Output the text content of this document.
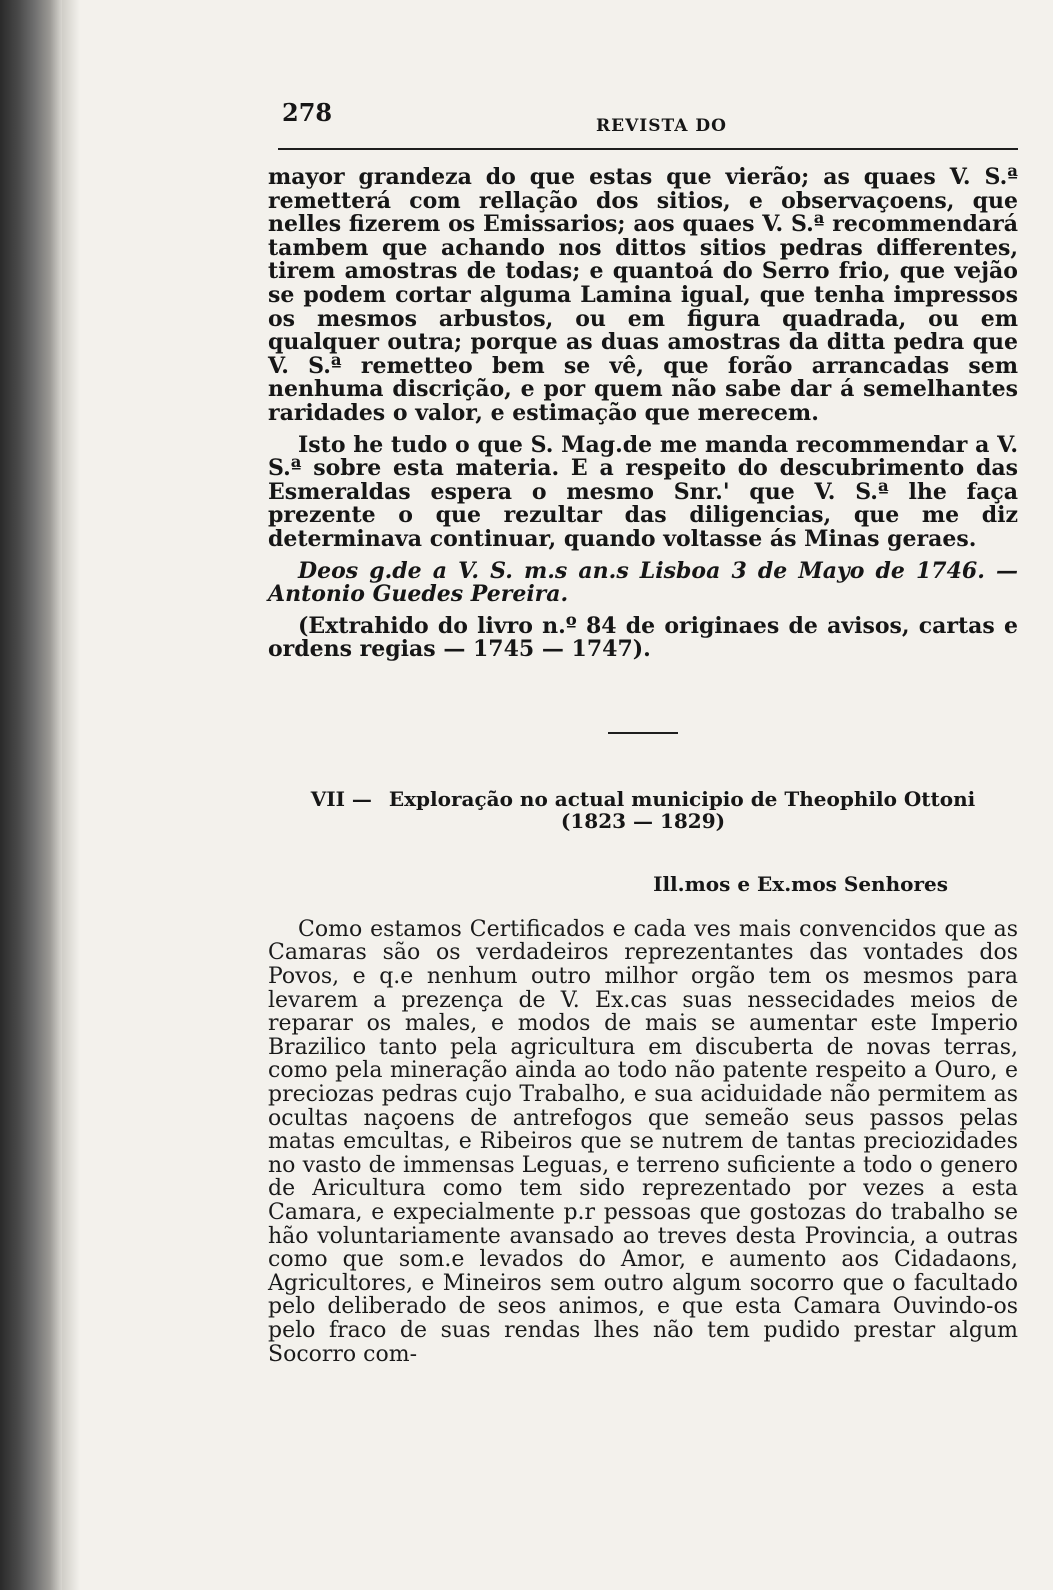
278	REVISTA DO

mayor grandeza do que estas que vierão; as quaes V. S.ª remetterá com rellação dos sitios, e observaçoens, que nelles fizerem os Emissarios; aos quaes V. S.ª recommendará tambem que achando nos dittos sitios pedras differentes, tirem amostras de todas; e quantoá do Serro frio, que vejão se podem cortar alguma Lamina igual, que tenha impressos os mesmos arbustos, ou em figura quadrada, ou em qualquer outra; porque as duas amostras da ditta pedra que V. S.ª remetteo bem se vê, que forão arrancadas sem nenhuma discrição, e por quem não sabe dar á semelhantes raridades o valor, e estimação que merecem.

Isto he tudo o que S. Mag.de me manda recommendar a V. S.ª sobre esta materia. E a respeito do descubrimento das Esmeraldas espera o mesmo Snr.' que V. S.ª lhe faça prezente o que rezultar das diligencias, que me diz determinava continuar, quando voltasse ás Minas geraes.

Deos g.de a V. S. m.s an.s Lisboa 3 de Mayo de 1746. — Antonio Guedes Pereira.

(Extrahido do livro n.º 84 de originaes de avisos, cartas e ordens regias — 1745 — 1747).

VII — Exploração no actual municipio de Theophilo Ottoni
(1823 — 1829)
Ill.mos e Ex.mos Senhores

Como estamos Certificados e cada ves mais convencidos que as Camaras são os verdadeiros reprezentantes das vontades dos Povos, e q.e nenhum outro milhor orgão tem os mesmos para levarem a prezença de V. Ex.cas suas nessecidades meios de reparar os males, e modos de mais se aumentar este Imperio Brazilico tanto pela agricultura em discuberta de novas terras, como pela mineração ainda ao todo não patente respeito a Ouro, e preciozas pedras cujo Trabalho, e sua aciduidade não permitem as ocultas naçoens de antrefogos que semeão seus passos pelas matas emcultas, e Ribeiros que se nutrem de tantas preciozidades no vasto de immensas Leguas, e terreno suficiente a todo o genero de Aricultura como tem sido reprezentado por vezes a esta Camara, e expecialmente p.r pessoas que gostozas do trabalho se hão voluntariamente avansado ao treves desta Provincia, a outras como que som.e levados do Amor, e aumento aos Cidadaons, Agricultores, e Mineiros sem outro algum socorro que o facultado pelo deliberado de seos animos, e que esta Camara Ouvindo-os pelo fraco de suas rendas lhes não tem pudido prestar algum Socorro com-
